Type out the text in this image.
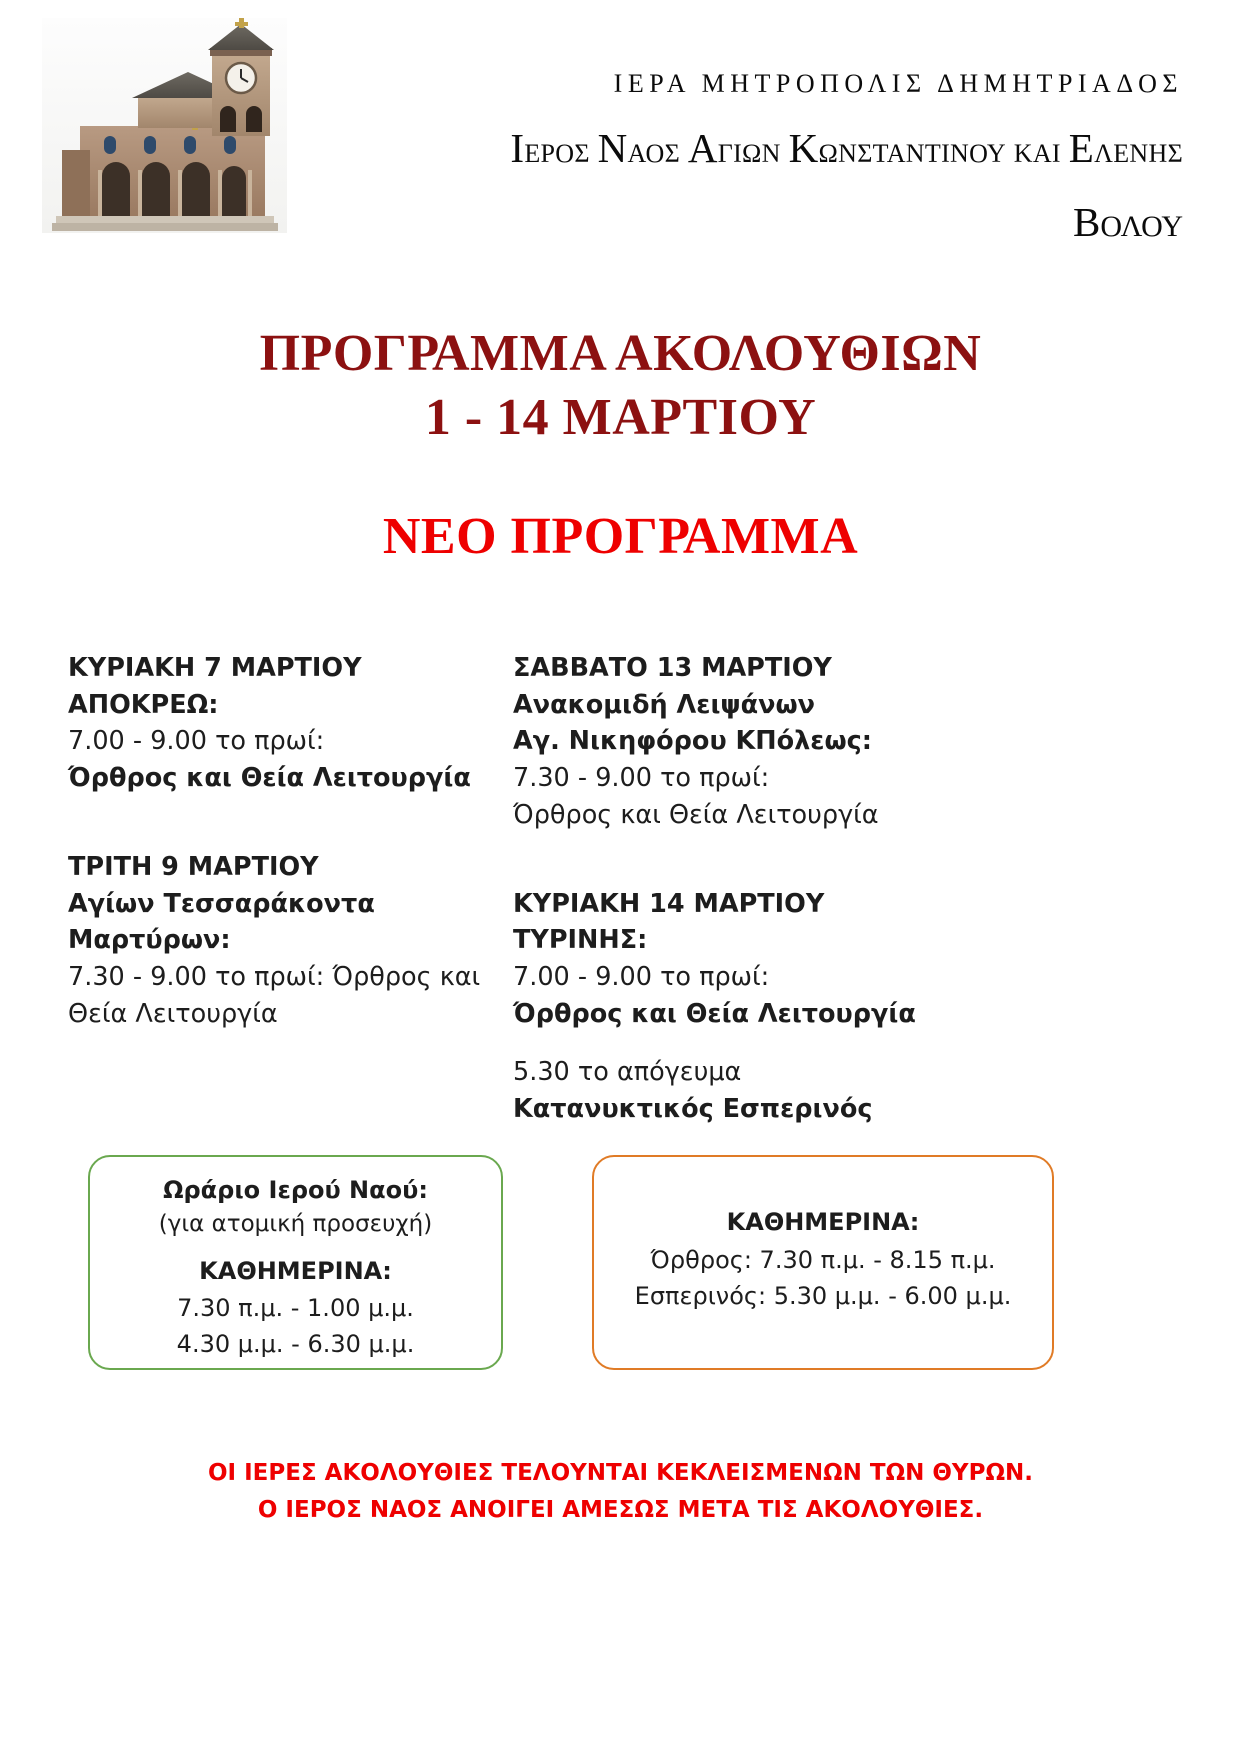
ΙΕΡΑ ΜΗΤΡΟΠΟΛΙΣ ΔΗΜΗΤΡΙΑΔΟΣ
ΙΕΡΟΣ ΝΑΟΣ ΑΓΙΩΝ ΚΩΝΣΤΑΝΤΙΝΟΥ ΚΑΙ ΕΛΕΝΗΣ
ΒΟΛΟΥ
ΠΡΟΓΡΑΜΜΑ ΑΚΟΛΟΥΘΙΩΝ
1 - 14 ΜΑΡΤΙΟΥ
ΝΕΟ ΠΡΟΓΡΑΜΜΑ
ΚΥΡΙΑΚΗ 7 ΜΑΡΤΙΟΥ
ΑΠΟΚΡΕΩ:
7.00 - 9.00 το πρωί:
Όρθρος και Θεία Λειτουργία
ΤΡΙΤΗ 9 ΜΑΡΤΙΟΥ
Αγίων Τεσσαράκοντα Μαρτύρων:
7.30 - 9.00 το πρωί: Όρθρος και Θεία Λειτουργία
ΣΑΒΒΑΤΟ 13 ΜΑΡΤΙΟΥ
Ανακομιδή Λειψάνων
Αγ. Νικηφόρου ΚΠόλεως:
7.30 - 9.00 το πρωί:
Όρθρος και Θεία Λειτουργία
ΚΥΡΙΑΚΗ 14 ΜΑΡΤΙΟΥ
ΤΥΡΙΝΗΣ:
7.00 - 9.00 το πρωί:
Όρθρος και Θεία Λειτουργία
5.30 το απόγευμα
Κατανυκτικός Εσπερινός
Ωράριο Ιερού Ναού:
(για ατομική προσευχή)
ΚΑΘΗΜΕΡΙΝΑ:
7.30 π.μ. - 1.00 μ.μ.
4.30 μ.μ. - 6.30 μ.μ.
ΚΑΘΗΜΕΡΙΝΑ:
Όρθρος: 7.30 π.μ. - 8.15 π.μ.
Εσπερινός: 5.30 μ.μ. - 6.00 μ.μ.
ΟΙ ΙΕΡΕΣ ΑΚΟΛΟΥΘΙΕΣ ΤΕΛΟΥΝΤΑΙ ΚΕΚΛΕΙΣΜΕΝΩΝ ΤΩΝ ΘΥΡΩΝ.
Ο ΙΕΡΟΣ ΝΑΟΣ ΑΝΟΙΓΕΙ ΑΜΕΣΩΣ ΜΕΤΑ ΤΙΣ ΑΚΟΛΟΥΘΙΕΣ.
